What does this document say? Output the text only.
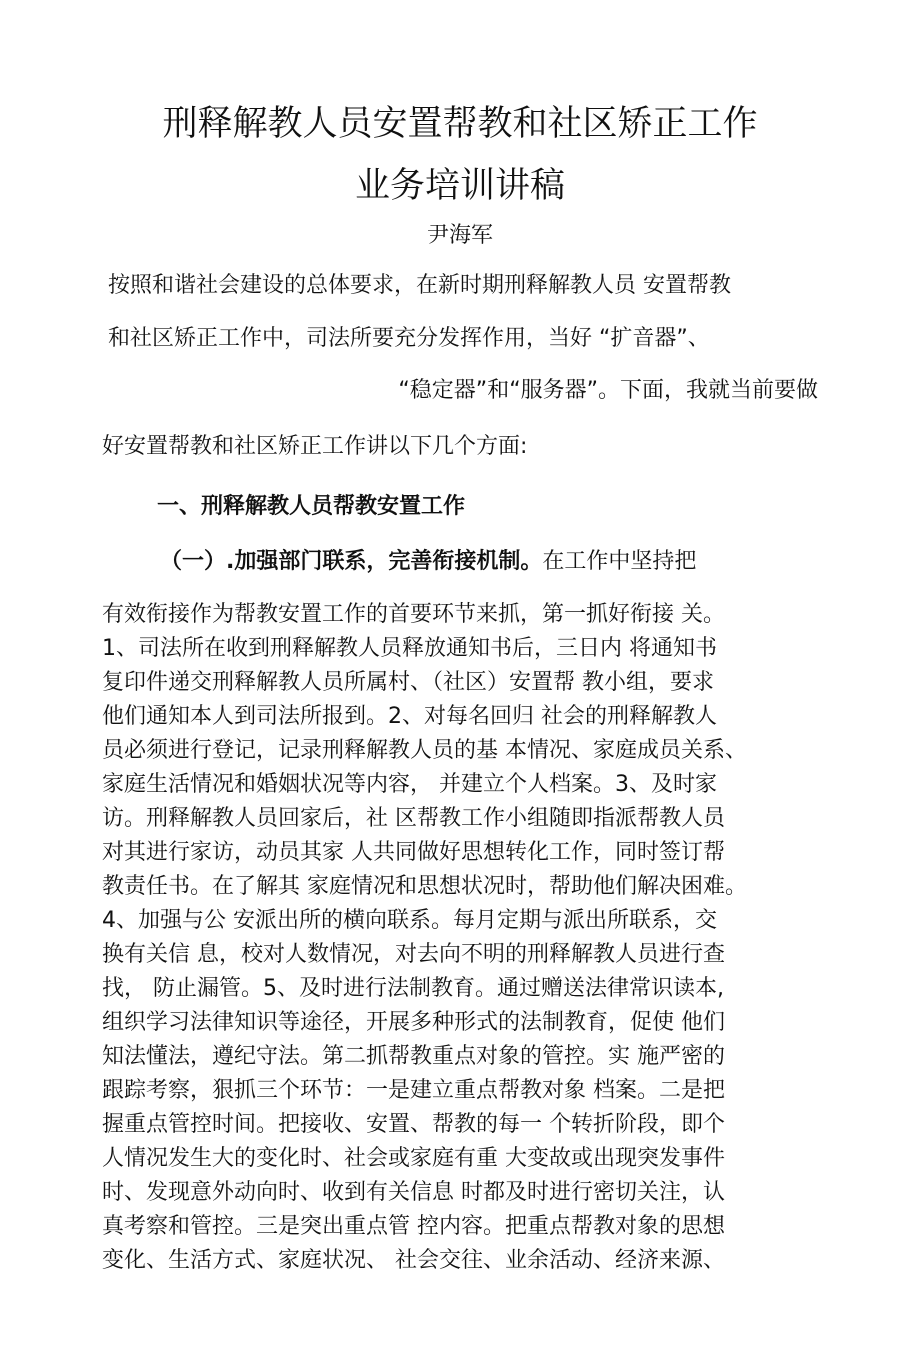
刑释解教人员安置帮教和社区矫正工作
业务培训讲稿
尹海军
按照和谐社会建设的总体要求，在新时期刑释解教人员 安置帮教
和社区矫正工作中，司法所要充分发挥作用，当好 “扩音器”、
“稳定器”和“服务器”。下面，我就当前要做
好安置帮教和社区矫正工作讲以下几个方面:
一、刑释解教人员帮教安置工作
（一）.加强部门联系，完善衔接机制。在工作中坚持把
有效衔接作为帮教安置工作的首要环节来抓，第一抓好衔接 关。
1、司法所在收到刑释解教人员释放通知书后，三日内 将通知书
复印件递交刑释解教人员所属村、（社区）安置帮 教小组，要求
他们通知本人到司法所报到。2、对每名回归 社会的刑释解教人
员必须进行登记，记录刑释解教人员的基 本情况、家庭成员关系、
家庭生活情况和婚姻状况等内容， 并建立个人档案。3、及时家
访。刑释解教人员回家后，社 区帮教工作小组随即指派帮教人员
对其进行家访，动员其家 人共同做好思想转化工作，同时签订帮
教责任书。在了解其 家庭情况和思想状况时，帮助他们解决困难。
4、加强与公 安派出所的横向联系。每月定期与派出所联系，交
换有关信 息，校对人数情况，对去向不明的刑释解教人员进行查
找， 防止漏管。5、及时进行法制教育。通过赠送法律常识读本,
组织学习法律知识等途径，开展多种形式的法制教育，促使 他们
知法懂法，遵纪守法。第二抓帮教重点对象的管控。实 施严密的
跟踪考察，狠抓三个环节：一是建立重点帮教对象 档案。二是把
握重点管控时间。把接收、安置、帮教的每一 个转折阶段，即个
人情况发生大的变化时、社会或家庭有重 大变故或出现突发事件
时、发现意外动向时、收到有关信息 时都及时进行密切关注，认
真考察和管控。三是突出重点管 控内容。把重点帮教对象的思想
变化、生活方式、家庭状况、 社会交往、业余活动、经济来源、
